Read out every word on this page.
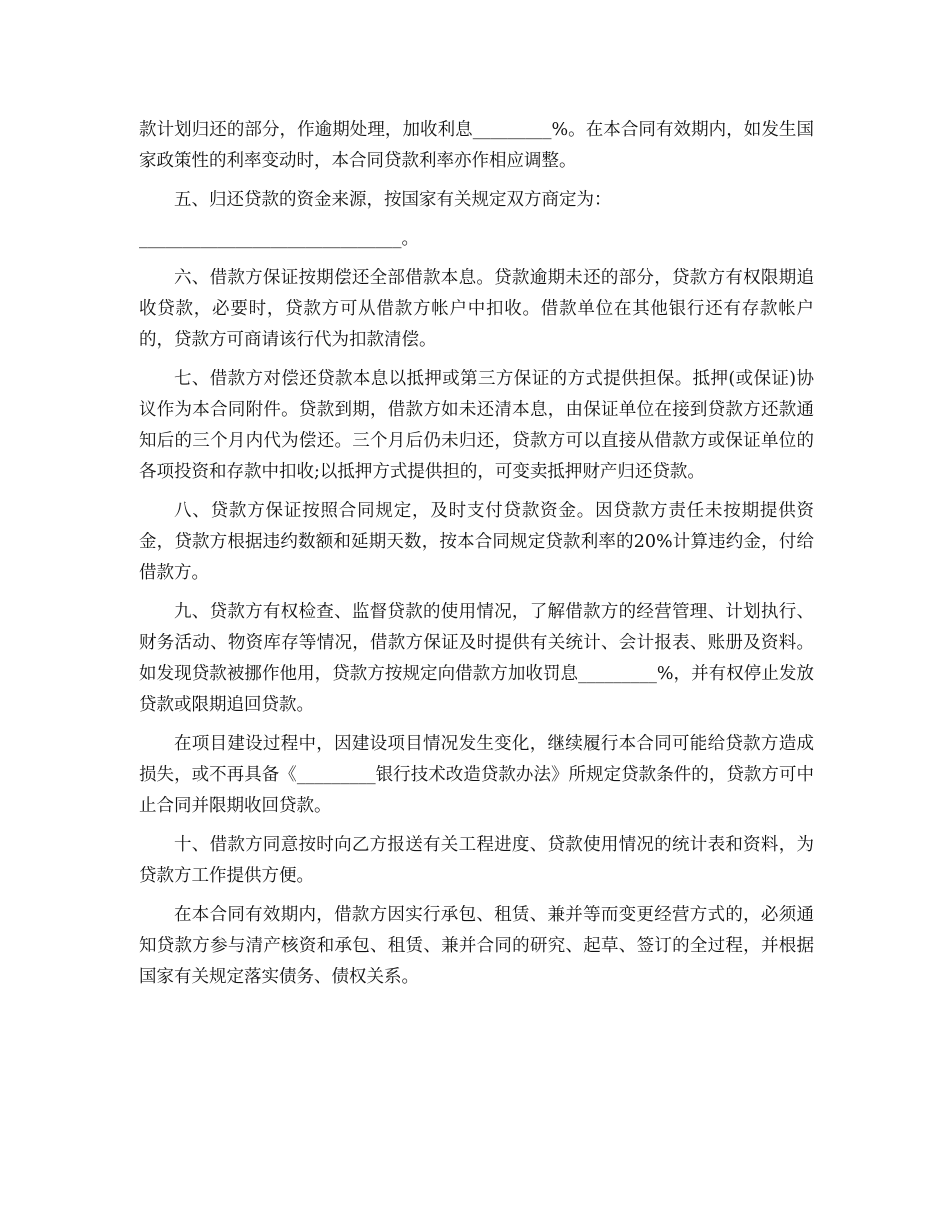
款计划归还的部分，作逾期处理，加收利息_________%。在本合同有效期内，如发生国家政策性的利率变动时，本合同贷款利率亦作相应调整。

五、归还贷款的资金来源，按国家有关规定双方商定为：

______________________________。

六、借款方保证按期偿还全部借款本息。贷款逾期未还的部分，贷款方有权限期追收贷款，必要时，贷款方可从借款方帐户中扣收。借款单位在其他银行还有存款帐户的，贷款方可商请该行代为扣款清偿。

七、借款方对偿还贷款本息以抵押或第三方保证的方式提供担保。抵押(或保证)协议作为本合同附件。贷款到期，借款方如未还清本息，由保证单位在接到贷款方还款通知后的三个月内代为偿还。三个月后仍未归还，贷款方可以直接从借款方或保证单位的各项投资和存款中扣收;以抵押方式提供担的，可变卖抵押财产归还贷款。

八、贷款方保证按照合同规定，及时支付贷款资金。因贷款方责任未按期提供资金，贷款方根据违约数额和延期天数，按本合同规定贷款利率的20%计算违约金，付给借款方。

九、贷款方有权检查、监督贷款的使用情况，了解借款方的经营管理、计划执行、财务活动、物资库存等情况，借款方保证及时提供有关统计、会计报表、账册及资料。如发现贷款被挪作他用，贷款方按规定向借款方加收罚息_________%，并有权停止发放贷款或限期追回贷款。

在项目建设过程中，因建设项目情况发生变化，继续履行本合同可能给贷款方造成损失，或不再具备《_________银行技术改造贷款办法》所规定贷款条件的，贷款方可中止合同并限期收回贷款。

十、借款方同意按时向乙方报送有关工程进度、贷款使用情况的统计表和资料，为贷款方工作提供方便。

在本合同有效期内，借款方因实行承包、租赁、兼并等而变更经营方式的，必须通知贷款方参与清产核资和承包、租赁、兼并合同的研究、起草、签订的全过程，并根据国家有关规定落实债务、债权关系。
